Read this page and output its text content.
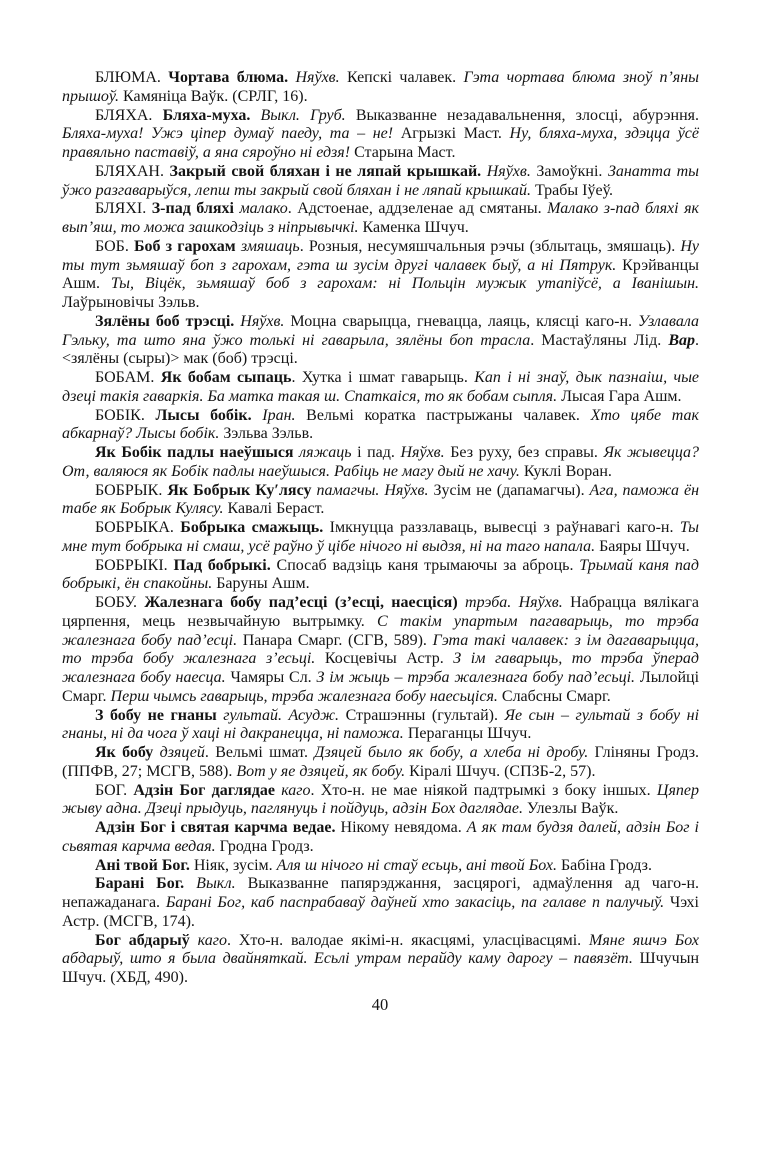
БЛЮМА. Чортава блюма. Няўхв. Кепскі чалавек. Гэта чортава блюма зноў п’яны прышоў. Камяніца Ваўк. (СРЛГ, 16).

БЛЯХА. Бляха-муха. Выкл. Груб. Выказванне незадавальнення, злосці, абурэння. Бляха-муха! Ужэ ціпер думаў паеду, та – не! Агрызкі Маст. Ну, бляха-муха, здэцца ўсё правяльно паставіў, а яна сяроўно ні едзя! Старына Маст.

БЛЯХАН. Закрый свой бляхан і не ляпай крышкай. Няўхв. Замоўкні. Занатта ты ўжо разгаварыўся, лепш ты закрый свой бляхан і не ляпай крышкай. Трабы Іўеў.

БЛЯХІ. З-пад бляхі малако. Адстоенае, аддзеленае ад смятаны. Малако з-пад бляхі як вып’яш, то можа зашкодзіць з ніпрывычкі. Каменка Шчуч.

БОБ. Боб з гарохам змяшаць. Розныя, несумяшчальныя рэчы (зблытаць, змяшаць). Ну ты тут зьмяшаў боп з гарохам, гэта ш зусім другі чалавек быў, а ні Пятрук. Крэйванцы Ашм. Ты, Віцёк, зьмяшаў боб з гарохам: ні Польцін мужык утапіўсё, а Іванішын. Лаўрыновічы Зэльв.

Зялёны боб трэсці. Няўхв. Моцна сварыцца, гневацца, лаяць, клясці каго-н. Узлавала Гэльку, та што яна ўжо толькі ні гаварыла, зялёны боп трасла. Мастаўляны Лід. Вар.<зялёны (сыры)> мак (боб) трэсці.

БОБАМ. Як бобам сыпаць. Хутка і шмат гаварыць. Кап і ні знаў, дык пазнаіш, чые дзеці такія гаваркія. Ба матка такая ш. Спаткаіся, то як бобам сыпля. Лысая Гара Ашм.

БОБІК. Лысы бобік. Іран. Вельмі коратка пастрыжаны чалавек. Хто цябе так абкарнаў? Лысы бобік. Зэльва Зэльв.

Як Бобік падлы наеўшыся ляжаць і пад. Няўхв. Без руху, без справы. Як жывецца? От, валяюся як Бобік падлы наеўшыся. Рабіць не магу дый не хачу. Куклі Воран.

БОБРЫК. Як Бобрык Ку′лясу памагчы. Няўхв. Зусім не (дапамагчы). Ага, паможа ён табе як Бобрык Кулясу. Кавалі Бераст.

БОБРЫКА. Бобрыка смажыць. Імкнуцца раззлаваць, вывесці з раўнавагі каго-н. Ты мне тут бобрыка ні смаш, усё раўно ў цібе нічого ні выдзя, ні на таго напала. Баяры Шчуч.

БОБРЫКІ. Пад бобрыкі. Спосаб вадзіць каня трымаючы за аброць. Трымай каня пад бобрыкі, ён спакойны. Баруны Ашм.

БОБУ. Жалезнага бобу пад’есці (з’есці, наесціся) трэба. Няўхв. Набрацца вялікага цярпення, мець незвычайную вытрымку. С такім упартым пагаварыць, то трэба жалезнага бобу пад’есці. Панара Смарг. (СГВ, 589). Гэта такі чалавек: з ім дагаварыцца, то трэба бобу жалезнага з’есьці. Косцевічы Астр. З ім гаварыць, то трэба ўперад жалезнага бобу наесца. Чамяры Сл. З ім жыць – трэба жалезнага бобу пад’есьці. Лылойці Смарг. Перш чымсь гаварыць, трэба жалезнага бобу наесьціся. Слабсны Смарг.

З бобу не гнаны гультай. Асудж. Страшэнны (гультай). Яе сын – гультай з бобу ні гнаны, ні да чога ў хаці ні дакранецца, ні паможа. Пераганцы Шчуч.

Як бобу дзяцей. Вельмі шмат. Дзяцей было як бобу, а хлеба ні дробу. Гліняны Гродз. (ППФВ, 27; МСГВ, 588). Вот у яе дзяцей, як бобу. Кіралі Шчуч. (СПЗБ-2, 57).

БОГ. Адзін Бог даглядае каго. Хто-н. не мае ніякой падтрымкі з боку іншых. Цяпер жыву адна. Дзеці прыдуць, паглянуць і пойдуць, адзін Бох даглядае. Улезлы Ваўк.

Адзін Бог і святая карчма ведае. Нікому невядома. А як там будзя далей, адзін Бог і сьвятая карчма ведая. Гродна Гродз.

Ані твой Бог. Ніяк, зусім. Аля ш нічого ні стаў есьць, ані твой Бох. Бабіна Гродз.

Барані Бог. Выкл. Выказванне папярэджання, засцярогі, адмаўлення ад чаго-н. непажаданага. Барані Бог, каб паспрабаваў даўней хто закасіць, па галаве п палучыў. Чэхі Астр. (МСГВ, 174).

Бог абдарыў каго. Хто-н. валодае якімі-н. якасцямі, уласцівасцямі. Мяне яшчэ Бох абдарыў, што я была двайняткай. Есьлі утрам перайду каму дарогу – павязёт. Шчучын Шчуч. (ХБД, 490).

40
